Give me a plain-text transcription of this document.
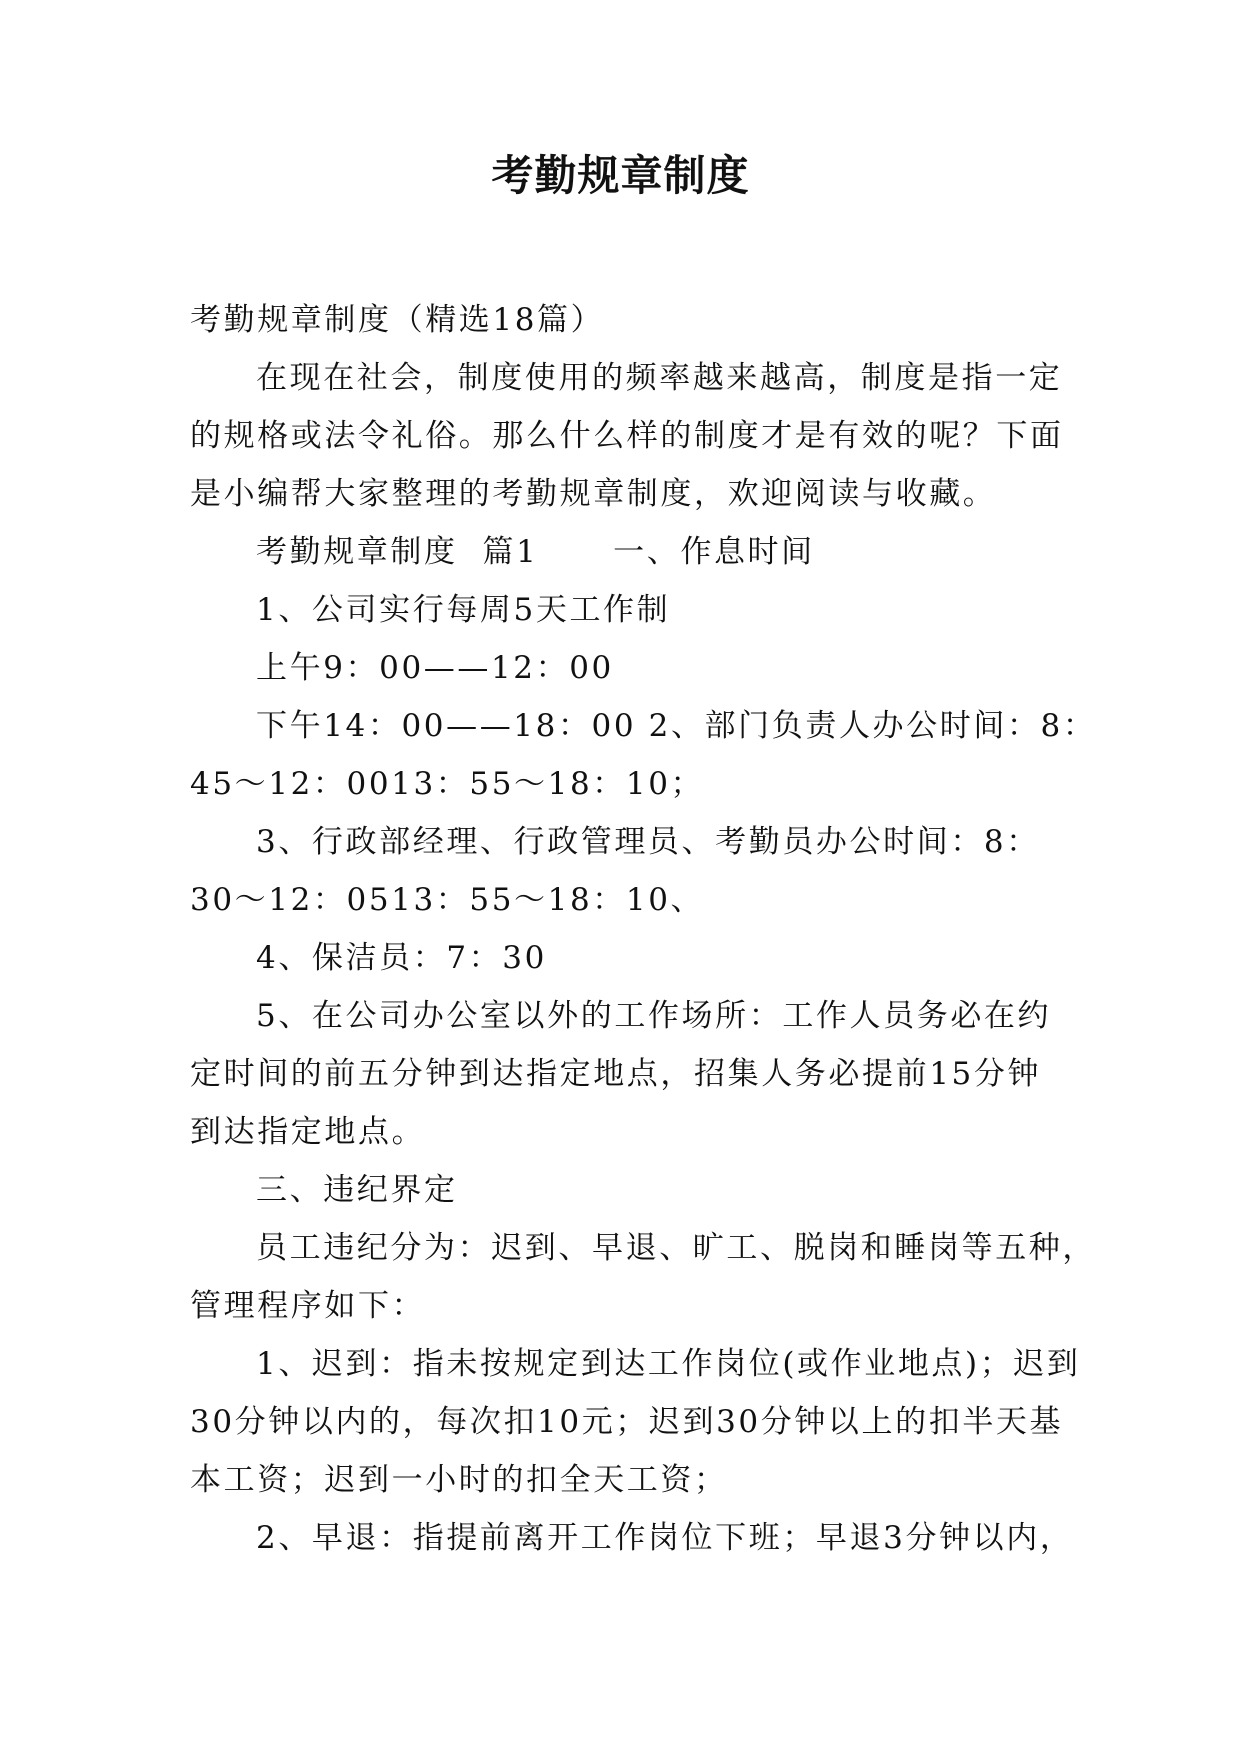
考勤规章制度

考勤规章制度（精选18篇）

在现在社会，制度使用的频率越来越高，制度是指一定

的规格或法令礼俗。那么什么样的制度才是有效的呢？下面

是小编帮大家整理的考勤规章制度，欢迎阅读与收藏。

考勤规章制度  篇1      一、作息时间

1、公司实行每周5天工作制

上午9：00——12：00

下午14：00——18：00 2、部门负责人办公时间：8：

45～12：0013：55～18：10；

3、行政部经理、行政管理员、考勤员办公时间：8：

30～12：0513：55～18：10、

4、保洁员：7：30

5、在公司办公室以外的工作场所：工作人员务必在约

定时间的前五分钟到达指定地点，招集人务必提前15分钟

到达指定地点。

三、违纪界定

员工违纪分为：迟到、早退、旷工、脱岗和睡岗等五种，

管理程序如下：

1、迟到：指未按规定到达工作岗位(或作业地点)；迟到

30分钟以内的，每次扣10元；迟到30分钟以上的扣半天基

本工资；迟到一小时的扣全天工资；

2、早退：指提前离开工作岗位下班；早退3分钟以内，
